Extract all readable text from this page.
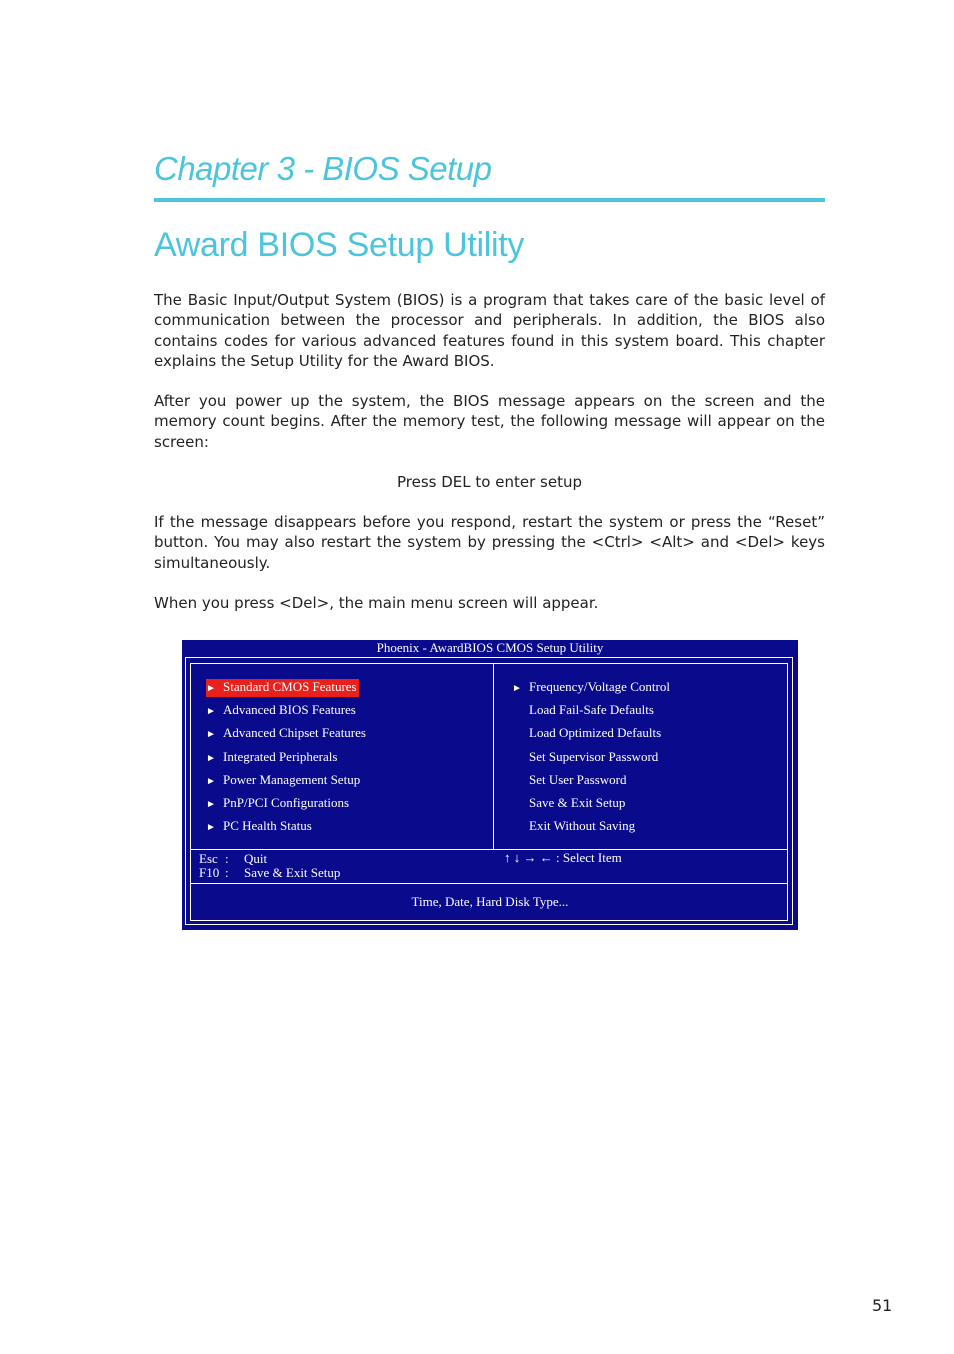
Chapter 3 - BIOS Setup
Award BIOS Setup Utility

The Basic Input/Output System (BIOS) is a program that takes care of the basic level of communication between the processor and peripherals. In addition, the BIOS also contains codes for various advanced features found in this system board. This chapter explains the Setup Utility for the Award BIOS.

After you power up the system, the BIOS message appears on the screen and the memory count begins. After the memory test, the following message will appear on the screen:

Press DEL to enter setup

If the message disappears before you respond, restart the system or press the “Reset” button. You may also restart the system by pressing the <Ctrl> <Alt> and <Del> keys simultaneously.

When you press <Del>, the main menu screen will appear.

Phoenix - AwardBIOS CMOS Setup Utility
► Standard CMOS Features
► Advanced BIOS Features
► Advanced Chipset Features
► Integrated Peripherals
► Power Management Setup
► PnP/PCI Configurations
► PC Health Status
► Frequency/Voltage Control
Load Fail-Safe Defaults
Load Optimized Defaults
Set Supervisor Password
Set User Password
Save & Exit Setup
Exit Without Saving
Esc : Quit
F10 : Save & Exit Setup
↑ ↓ → ← : Select Item
Time, Date, Hard Disk Type...
51
